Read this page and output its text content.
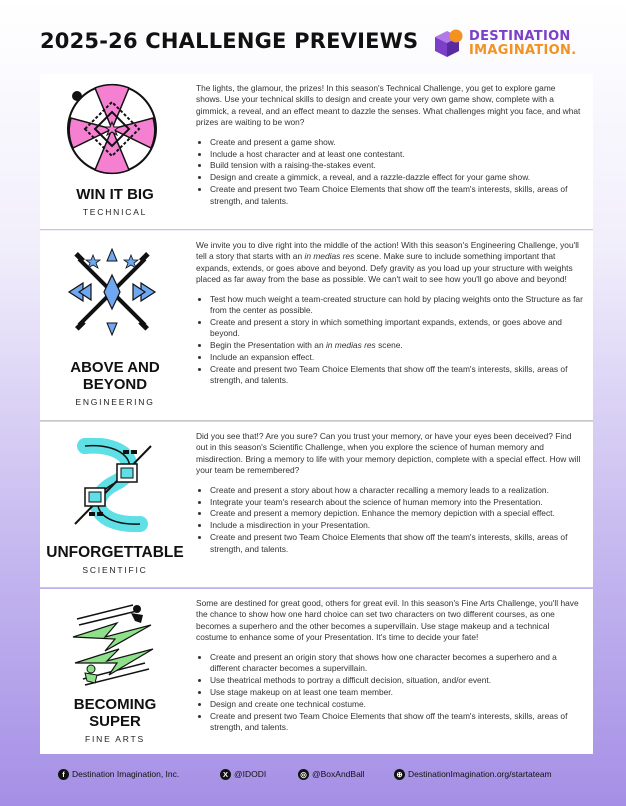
2025-26 CHALLENGE PREVIEWS	DESTINATION
IMAGINATION.
WIN IT BIG
TECHNICAL

The lights, the glamour, the prizes! In this season's Technical Challenge, you get to explore game shows. Use your technical skills to design and create your very own game show, complete with a gimmick, a reveal, and an effect meant to dazzle the senses. What challenges might you face, and what prizes are waiting to be won?

• Create and present a game show.
• Include a host character and at least one contestant.
• Build tension with a raising-the-stakes event.
• Design and create a gimmick, a reveal, and a razzle-dazzle effect for your game show.
• Create and present two Team Choice Elements that show off the team's interests, skills, areas of strength, and talents.
ABOVE AND
BEYOND
ENGINEERING

We invite you to dive right into the middle of the action! With this season's Engineering Challenge, you'll tell a story that starts with an in medias res scene. Make sure to include something important that expands, extends, or goes above and beyond. Defy gravity as you load up your structure with weights placed as far away from the base as possible. We can't wait to see how you'll go above and beyond!

• Test how much weight a team-created structure can hold by placing weights onto the Structure as far from the center as possible.
• Create and present a story in which something important expands, extends, or goes above and beyond.
• Begin the Presentation with an in medias res scene.
• Include an expansion effect.
• Create and present two Team Choice Elements that show off the team's interests, skills, areas of strength, and talents.
UNFORGETTABLE
SCIENTIFIC

Did you see that!? Are you sure? Can you trust your memory, or have your eyes been deceived? Find out in this season's Scientific Challenge, when you explore the science of human memory and misdirection. Bring a memory to life with your memory depiction, complete with a special effect. How will your team be remembered?

• Create and present a story about how a character recalling a memory leads to a realization.
• Integrate your team's research about the science of human memory into the Presentation.
• Create and present a memory depiction. Enhance the memory depiction with a special effect.
• Include a misdirection in your Presentation.
• Create and present two Team Choice Elements that show off the team's interests, skills, areas of strength, and talents.
BECOMING
SUPER
FINE ARTS

Some are destined for great good, others for great evil. In this season's Fine Arts Challenge, you'll have the chance to show how one hard choice can set two characters on two different courses, as one becomes a superhero and the other becomes a supervillain. Use stage makeup and a technical costume to enhance some of your Presentation. It's time to decide your fate!

• Create and present an origin story that shows how one character becomes a superhero and a different character becomes a supervillain.
• Use theatrical methods to portray a difficult decision, situation, and/or event.
• Use stage makeup on at least one team member.
• Design and create one technical costume.
• Create and present two Team Choice Elements that show off the team's interests, skills, areas of strength, and talents.
f Destination Imagination, Inc.	X @IDODI	◎ @BoxAndBall	⊕ DestinationImagination.org/startateam
